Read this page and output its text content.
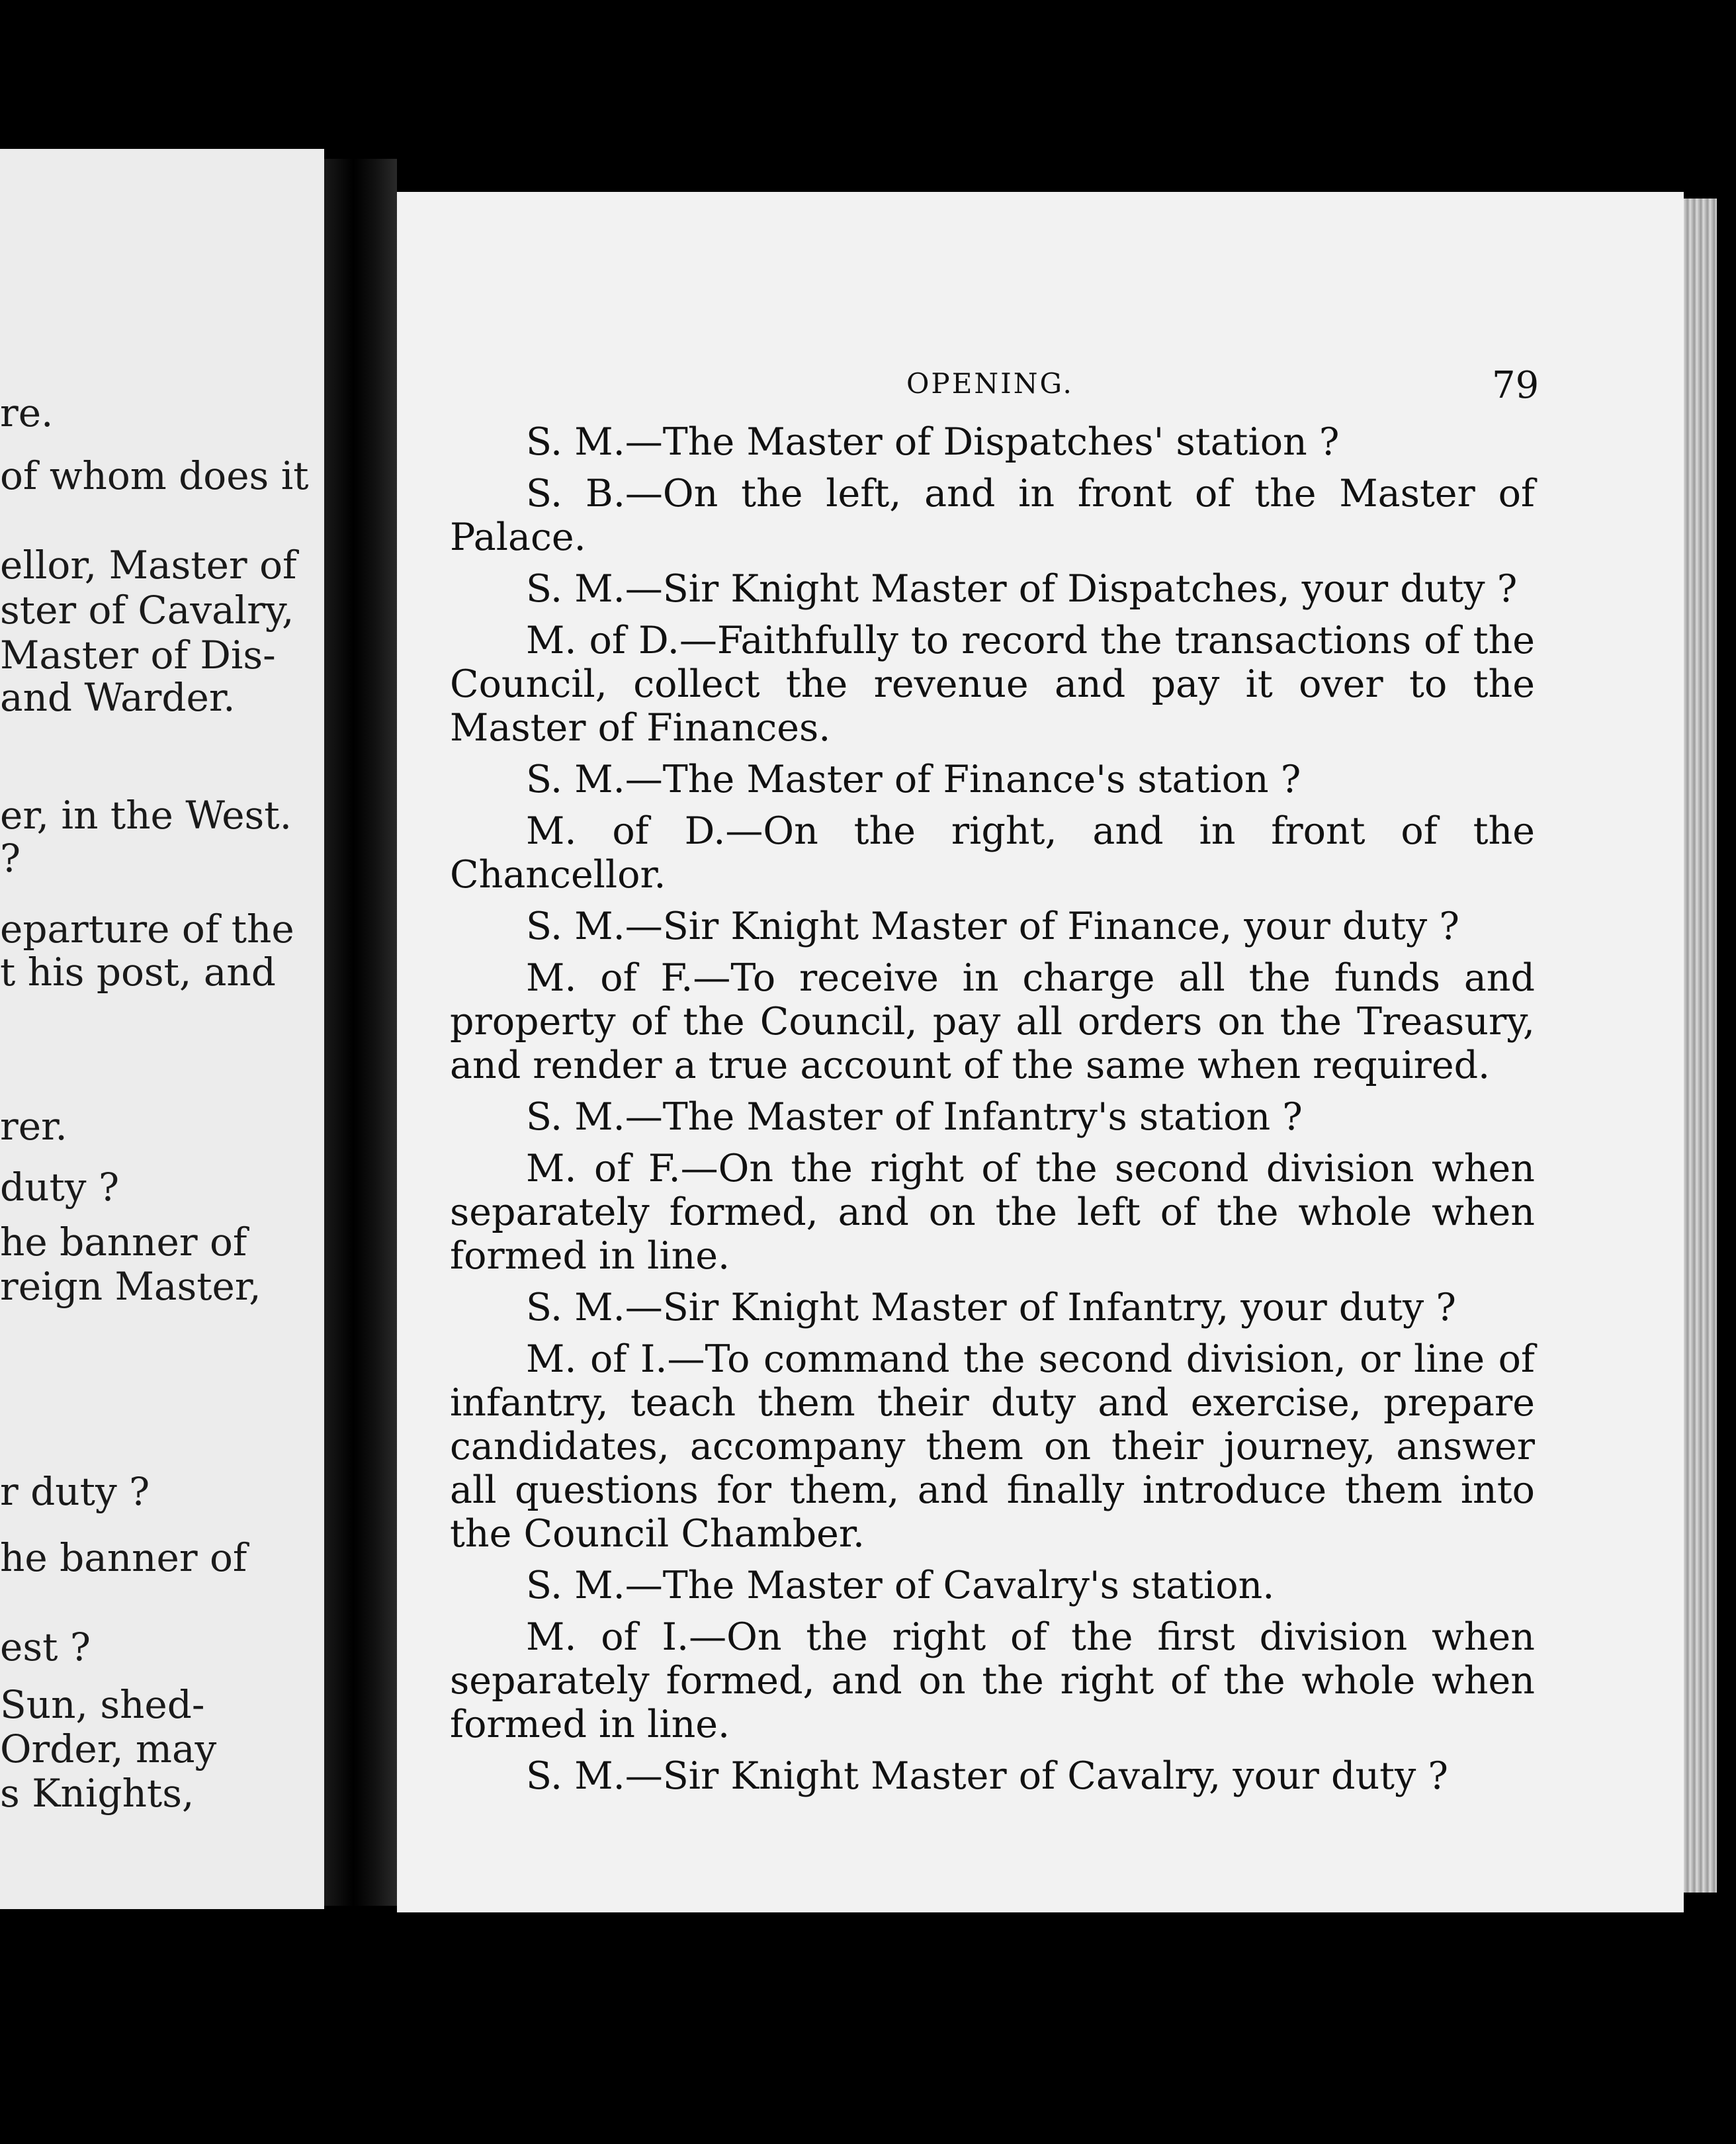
re.
of whom does it
ellor, Master of
ster of Cavalry,
Master of Dis-
and Warder.
er, in the West.
?
eparture of the
t his post, and
rer.
duty ?
he banner of
reign Master,
r duty ?
he banner of
est ?
Sun, shed-
Order, may
s Knights,
OPENING.	79

S. M.—The Master of Dispatches' station ?

S. B.—On the left, and in front of the Master of Palace.

S. M.—Sir Knight Master of Dispatches, your duty ?

M. of D.—Faithfully to record the transactions of the Council, collect the revenue and pay it over to the Master of Finances.

S. M.—The Master of Finance's station ?

M. of D.—On the right, and in front of the Chancellor.

S. M.—Sir Knight Master of Finance, your duty ?

M. of F.—To receive in charge all the funds and property of the Council, pay all orders on the Treasury, and render a true account of the same when required.

S. M.—The Master of Infantry's station ?

M. of F.—On the right of the second division when separately formed, and on the left of the whole when formed in line.

S. M.—Sir Knight Master of Infantry, your duty ?

M. of I.—To command the second division, or line of infantry, teach them their duty and exercise, prepare candidates, accompany them on their journey, answer all questions for them, and finally introduce them into the Council Chamber.

S. M.—The Master of Cavalry's station.

M. of I.—On the right of the first division when separately formed, and on the right of the whole when formed in line.

S. M.—Sir Knight Master of Cavalry, your duty ?
